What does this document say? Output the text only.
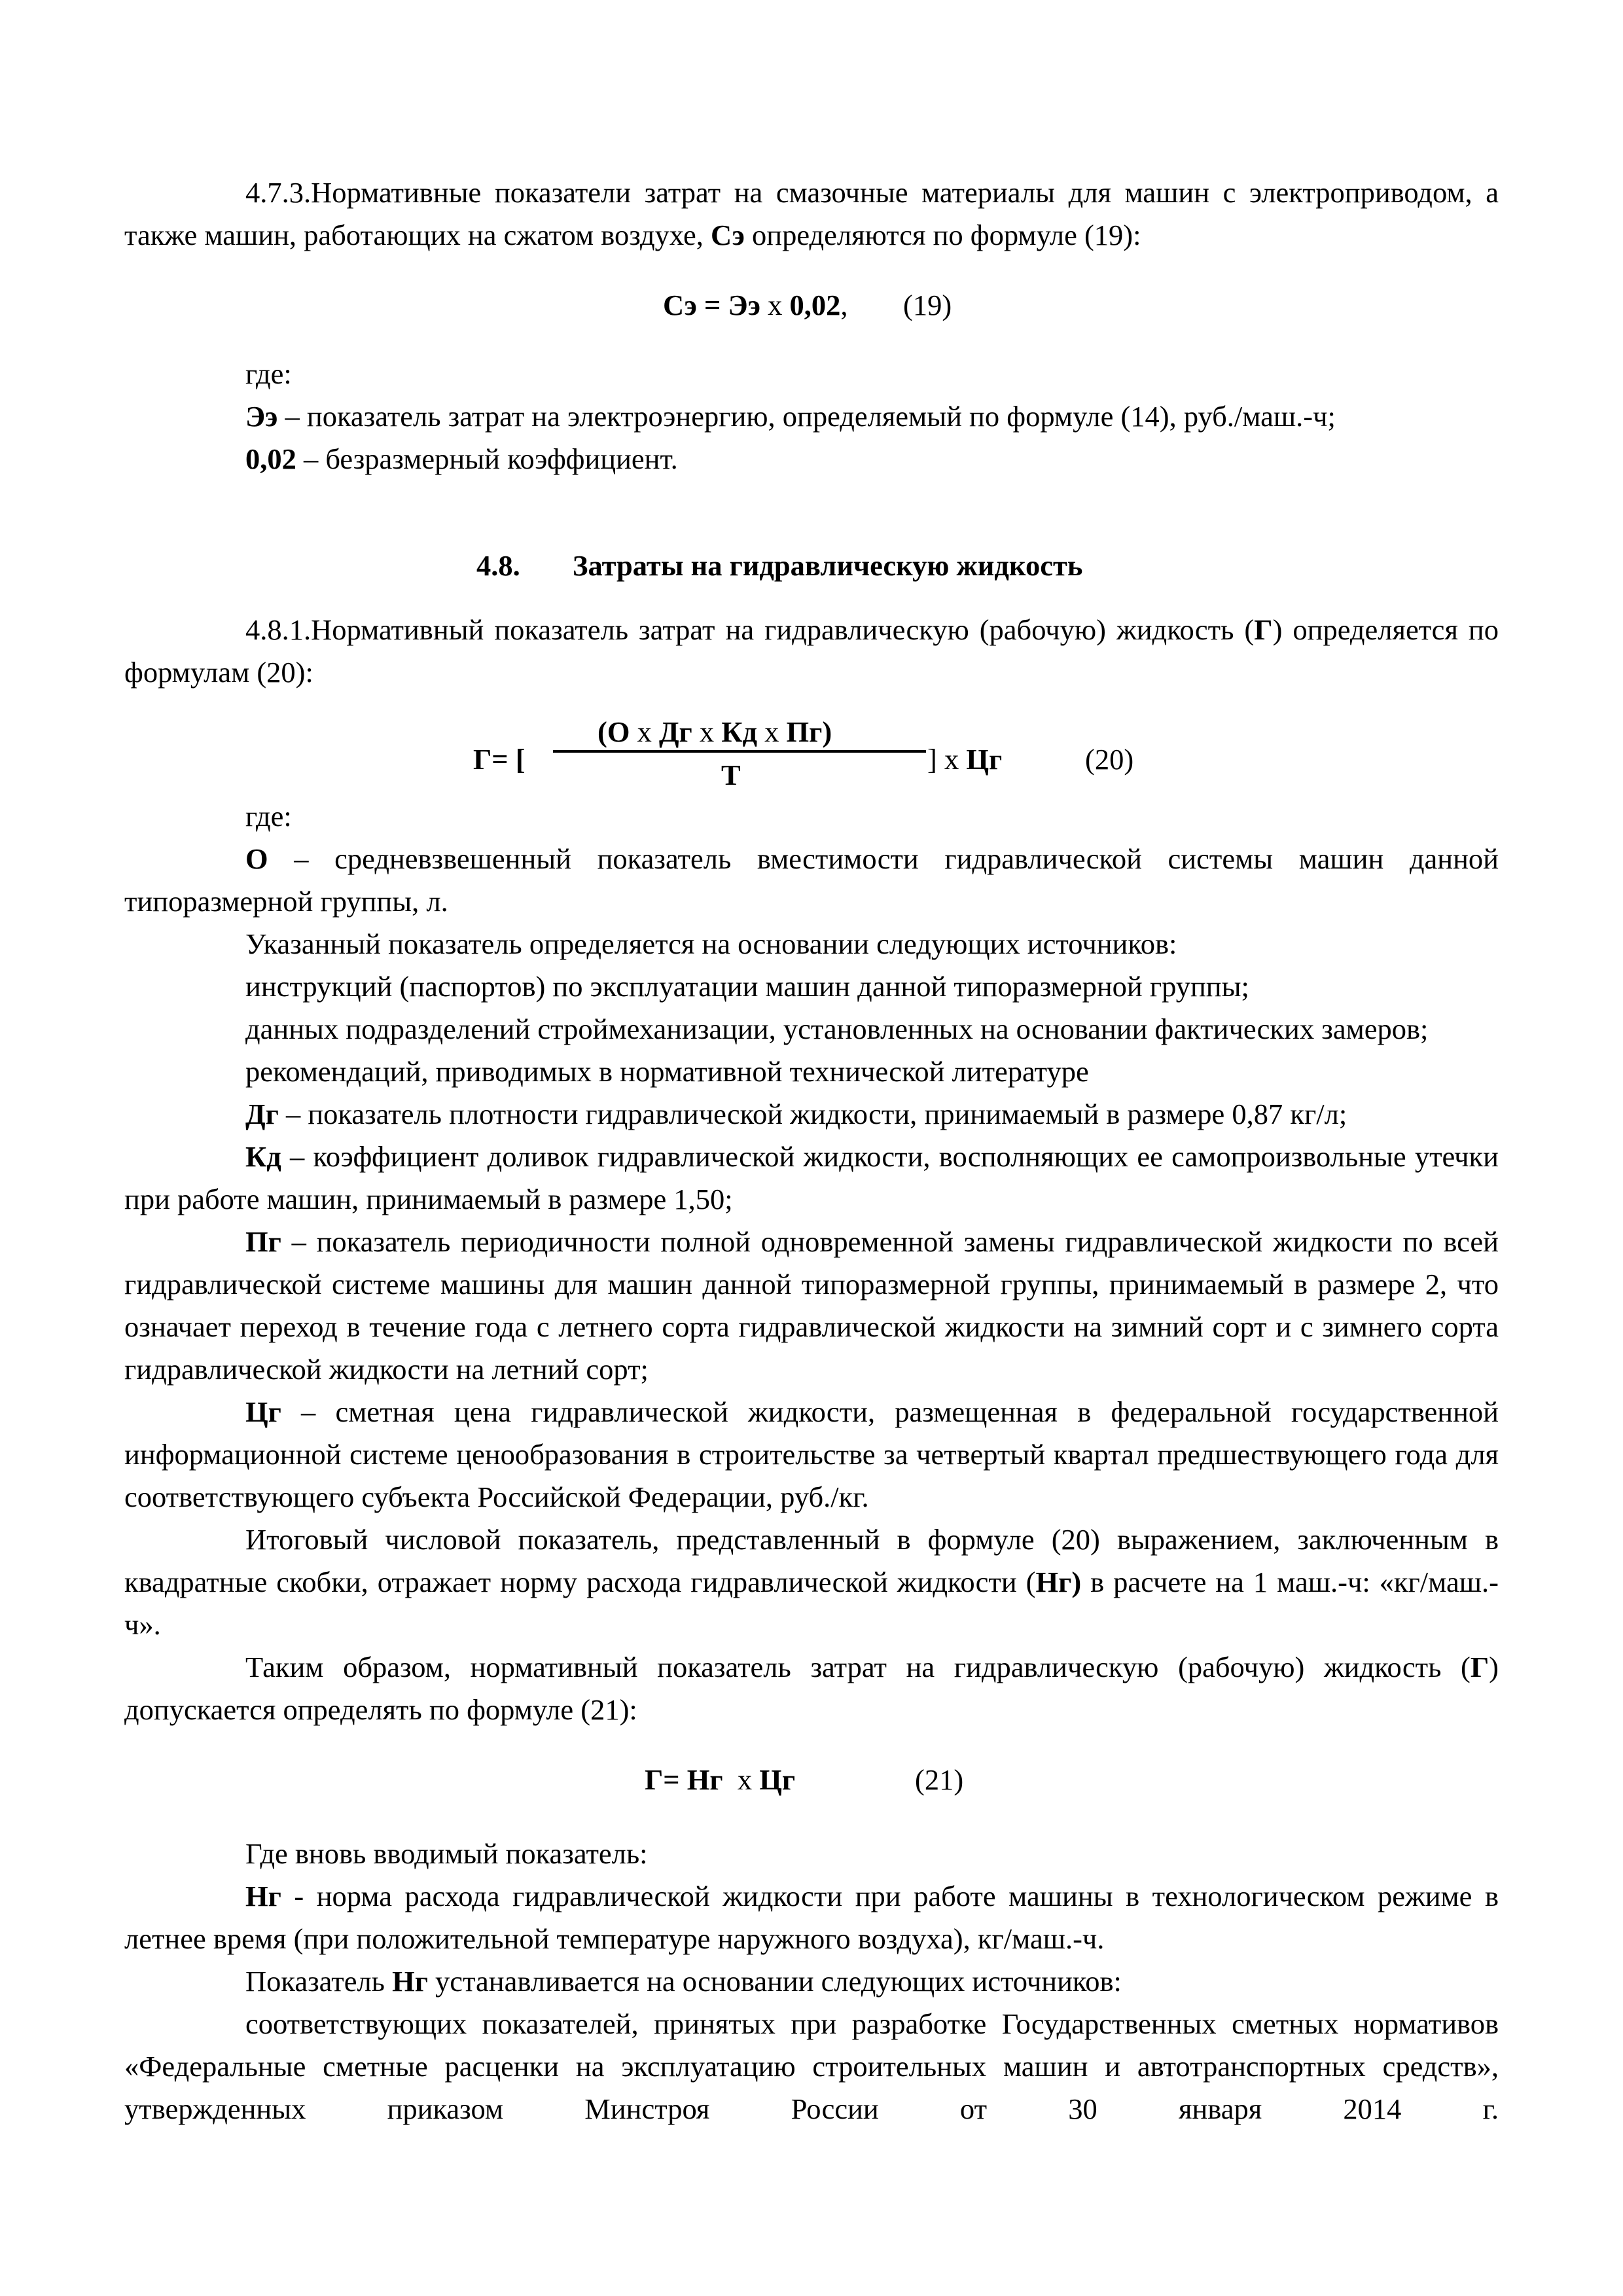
4.7.3.Нормативные показатели затрат на смазочные материалы для машин с электроприводом, а также машин, работающих на сжатом воздухе, Сэ определяются по формуле (19):

Сэ = Ээ х 0,02, (19)

где:

Ээ – показатель затрат на электроэнергию, определяемый по формуле (14), руб./маш.-ч;

0,02 – безразмерный коэффициент.

4.8. Затраты на гидравлическую жидкость

4.8.1.Нормативный показатель затрат на гидравлическую (рабочую) жидкость (Г) определяется по формулам (20):

Г= [
(О х Дг х Кд х Пг)
Т	] х Цг	(20)

где:

О – средневзвешенный показатель вместимости гидравлической системы машин данной типоразмерной группы, л.

Указанный показатель определяется на основании следующих источников:

инструкций (паспортов) по эксплуатации машин данной типоразмерной группы;

данных подразделений строймеханизации, установленных на основании фактических замеров;

рекомендаций, приводимых в нормативной технической литературе

Дг – показатель плотности гидравлической жидкости, принимаемый в размере 0,87 кг/л;

Кд – коэффициент доливок гидравлической жидкости, восполняющих ее самопроизвольные утечки при работе машин, принимаемый в размере 1,50;

Пг – показатель периодичности полной одновременной замены гидравлической жидкости по всей гидравлической системе машины для машин данной типоразмерной группы, принимаемый в размере 2, что означает переход в течение года с летнего сорта гидравлической жидкости на зимний сорт и с зимнего сорта гидравлической жидкости на летний сорт;

Цг – сметная цена гидравлической жидкости, размещенная в федеральной государственной информационной системе ценообразования в строительстве за четвертый квартал предшествующего года для соответствующего субъекта Российской Федерации, руб./кг.

Итоговый числовой показатель, представленный в формуле (20) выражением, заключенным в квадратные скобки, отражает норму расхода гидравлической жидкости (Нг) в расчете на 1 маш.-ч: «кг/маш.-ч».

Таким образом, нормативный показатель затрат на гидравлическую (рабочую) жидкость (Г) допускается определять по формуле (21):

Г= Нг  х Цг	(21)

Где вновь вводимый показатель:

Нг - норма расхода гидравлической жидкости при работе машины в технологическом режиме в летнее время (при положительной температуре наружного воздуха), кг/маш.-ч.

Показатель Нг устанавливается на основании следующих источников:

соответствующих показателей, принятых при разработке Государственных сметных нормативов «Федеральные сметные расценки на эксплуатацию строительных машин и автотранспортных средств», утвержденных приказом Минстроя России от 30 января 2014 г.
